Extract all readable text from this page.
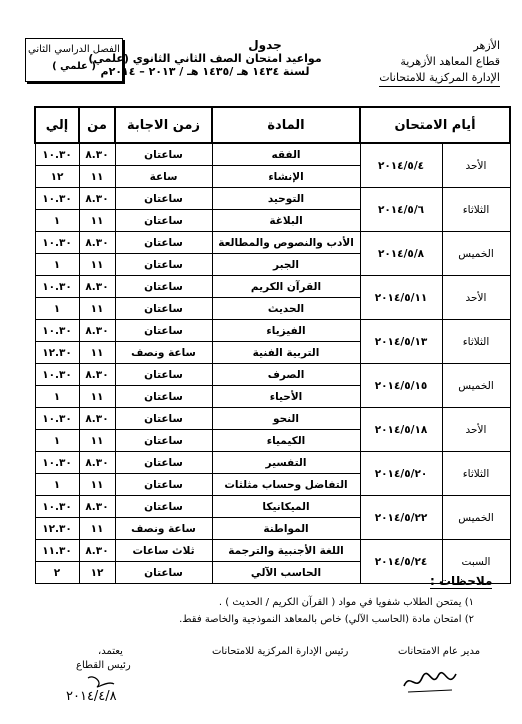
الأزهر
قطاع المعاهد الأزهرية
الإدارة المركزية للامتحانات
جدول
مواعيد امتحان الصف الثاني الثانوي (علمي)
لسنة ١٤٣٤ هـ /١٤٣٥ هـ / ٢٠١٣ – ٢٠١٤م
الفصل الدراسي الثاني
( علمي )
أيام الامتحان		المادة	زمن الاجابة	من	إلي
الأحد	٢٠١٤/٥/٤	الفقه	ساعتان	٨.٣٠	١٠.٣٠
		الإنشاء	ساعة	١١	١٢
الثلاثاء	٢٠١٤/٥/٦	التوحيد	ساعتان	٨.٣٠	١٠.٣٠
		البلاغة	ساعتان	١١	١
الخميس	٢٠١٤/٥/٨	الأدب والنصوص والمطالعة	ساعتان	٨.٣٠	١٠.٣٠
		الجبر	ساعتان	١١	١
الأحد	٢٠١٤/٥/١١	القرآن الكريم	ساعتان	٨.٣٠	١٠.٣٠
		الحديث	ساعتان	١١	١
الثلاثاء	٢٠١٤/٥/١٣	الفيزياء	ساعتان	٨.٣٠	١٠.٣٠
		التربية الفنية	ساعة ونصف	١١	١٢.٣٠
الخميس	٢٠١٤/٥/١٥	الصرف	ساعتان	٨.٣٠	١٠.٣٠
		الأحياء	ساعتان	١١	١
الأحد	٢٠١٤/٥/١٨	النحو	ساعتان	٨.٣٠	١٠.٣٠
		الكيمياء	ساعتان	١١	١
الثلاثاء	٢٠١٤/٥/٢٠	التفسير	ساعتان	٨.٣٠	١٠.٣٠
		التفاضل وحساب مثلثات	ساعتان	١١	١
الخميس	٢٠١٤/٥/٢٢	الميكانيكا	ساعتان	٨.٣٠	١٠.٣٠
		المواطنة	ساعة ونصف	١١	١٢.٣٠
السبت	٢٠١٤/٥/٢٤	اللغة الأجنبية والترجمة	ثلاث ساعات	٨.٣٠	١١.٣٠
		الحاسب الآلي	ساعتان	١٢	٢
ملاحظات :
١) يمتحن الطلاب شفويا في مواد ( القرآن الكريم / الحديث ) .
٢) امتحان مادة (الحاسب الآلي) خاص بالمعاهد النموذجية والخاصة فقط.
مدير عام الامتحانات
رئيس الإدارة المركزية للامتحانات
يعتمد،
رئيس القطاع
٢٠١٤/٤/٨
